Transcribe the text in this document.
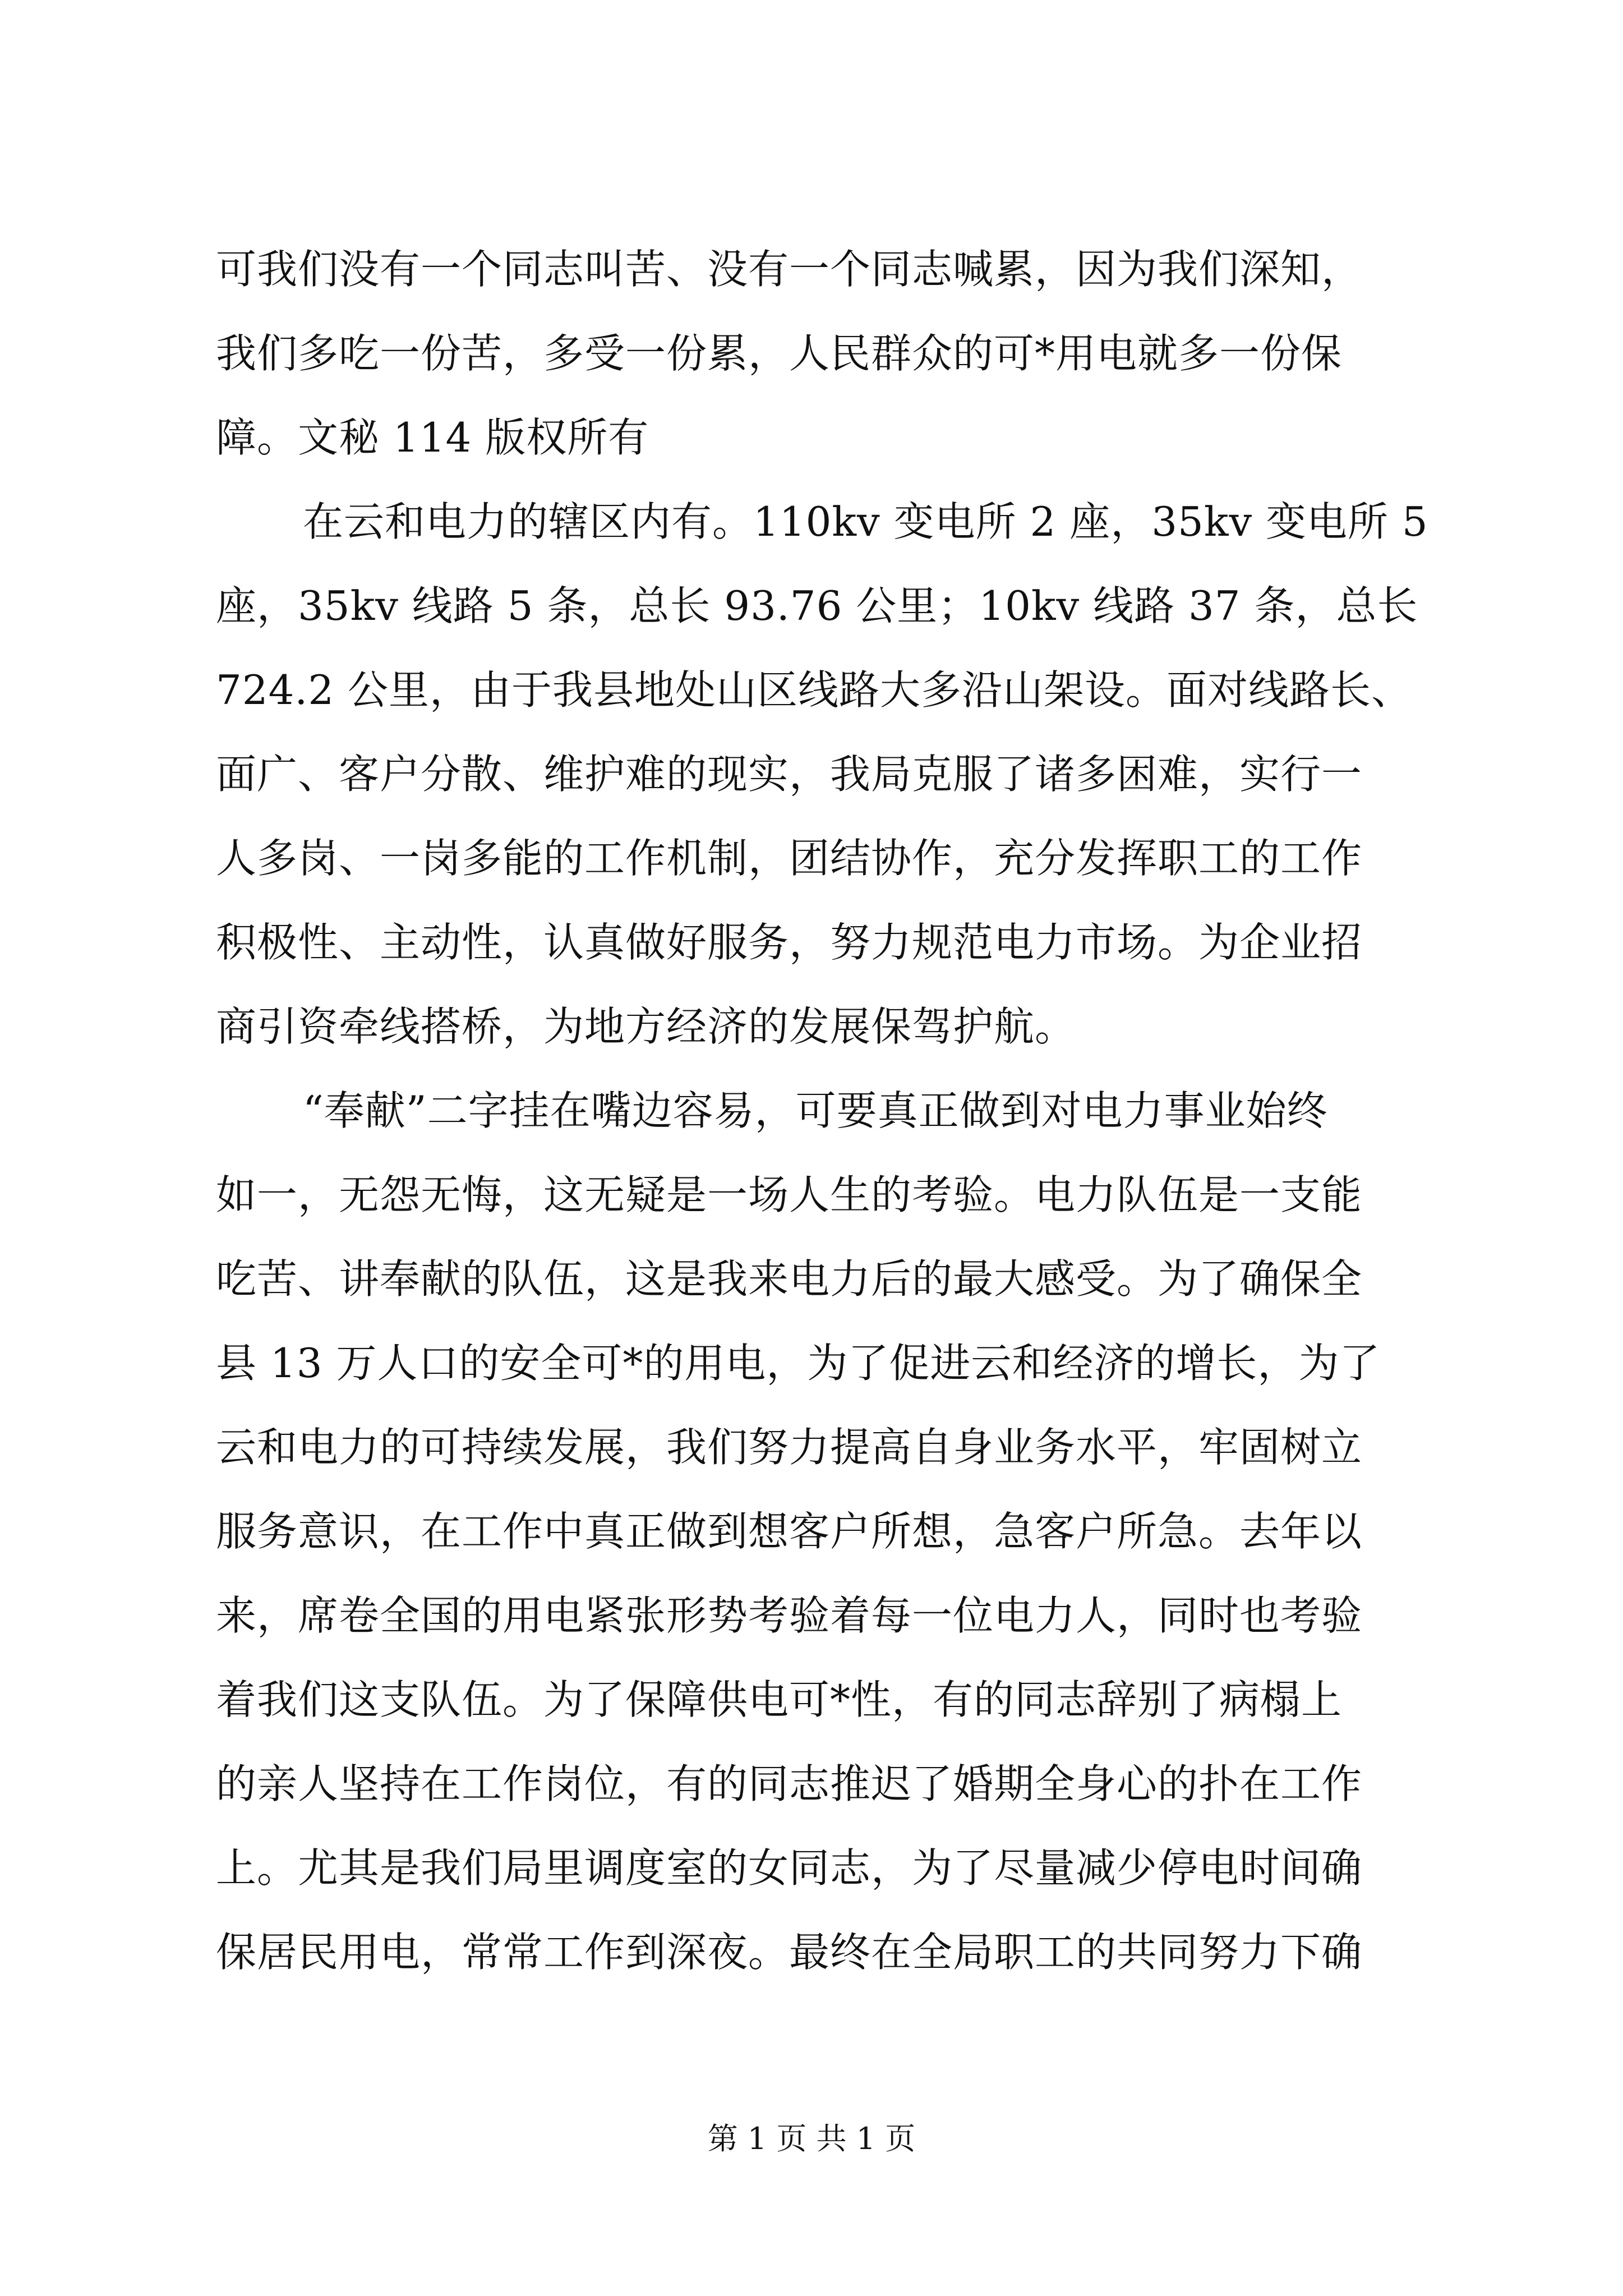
可我们没有一个同志叫苦、没有一个同志喊累，因为我们深知，
我们多吃一份苦，多受一份累，人民群众的可*用电就多一份保
障。文秘 114 版权所有
在云和电力的辖区内有。110kv 变电所 2 座，35kv 变电所 5
座，35kv 线路 5 条，总长 93.76 公里；10kv 线路 37 条，总长
724.2 公里，由于我县地处山区线路大多沿山架设。面对线路长、
面广、客户分散、维护难的现实，我局克服了诸多困难，实行一
人多岗、一岗多能的工作机制，团结协作，充分发挥职工的工作
积极性、主动性，认真做好服务，努力规范电力市场。为企业招
商引资牵线搭桥，为地方经济的发展保驾护航。
“奉献”二字挂在嘴边容易，可要真正做到对电力事业始终
如一，无怨无悔，这无疑是一场人生的考验。电力队伍是一支能
吃苦、讲奉献的队伍，这是我来电力后的最大感受。为了确保全
县 13 万人口的安全可*的用电，为了促进云和经济的增长，为了
云和电力的可持续发展，我们努力提高自身业务水平，牢固树立
服务意识，在工作中真正做到想客户所想，急客户所急。去年以
来，席卷全国的用电紧张形势考验着每一位电力人，同时也考验
着我们这支队伍。为了保障供电可*性，有的同志辞别了病榻上
的亲人坚持在工作岗位，有的同志推迟了婚期全身心的扑在工作
上。尤其是我们局里调度室的女同志，为了尽量减少停电时间确
保居民用电，常常工作到深夜。最终在全局职工的共同努力下确
第 1 页 共 1 页
